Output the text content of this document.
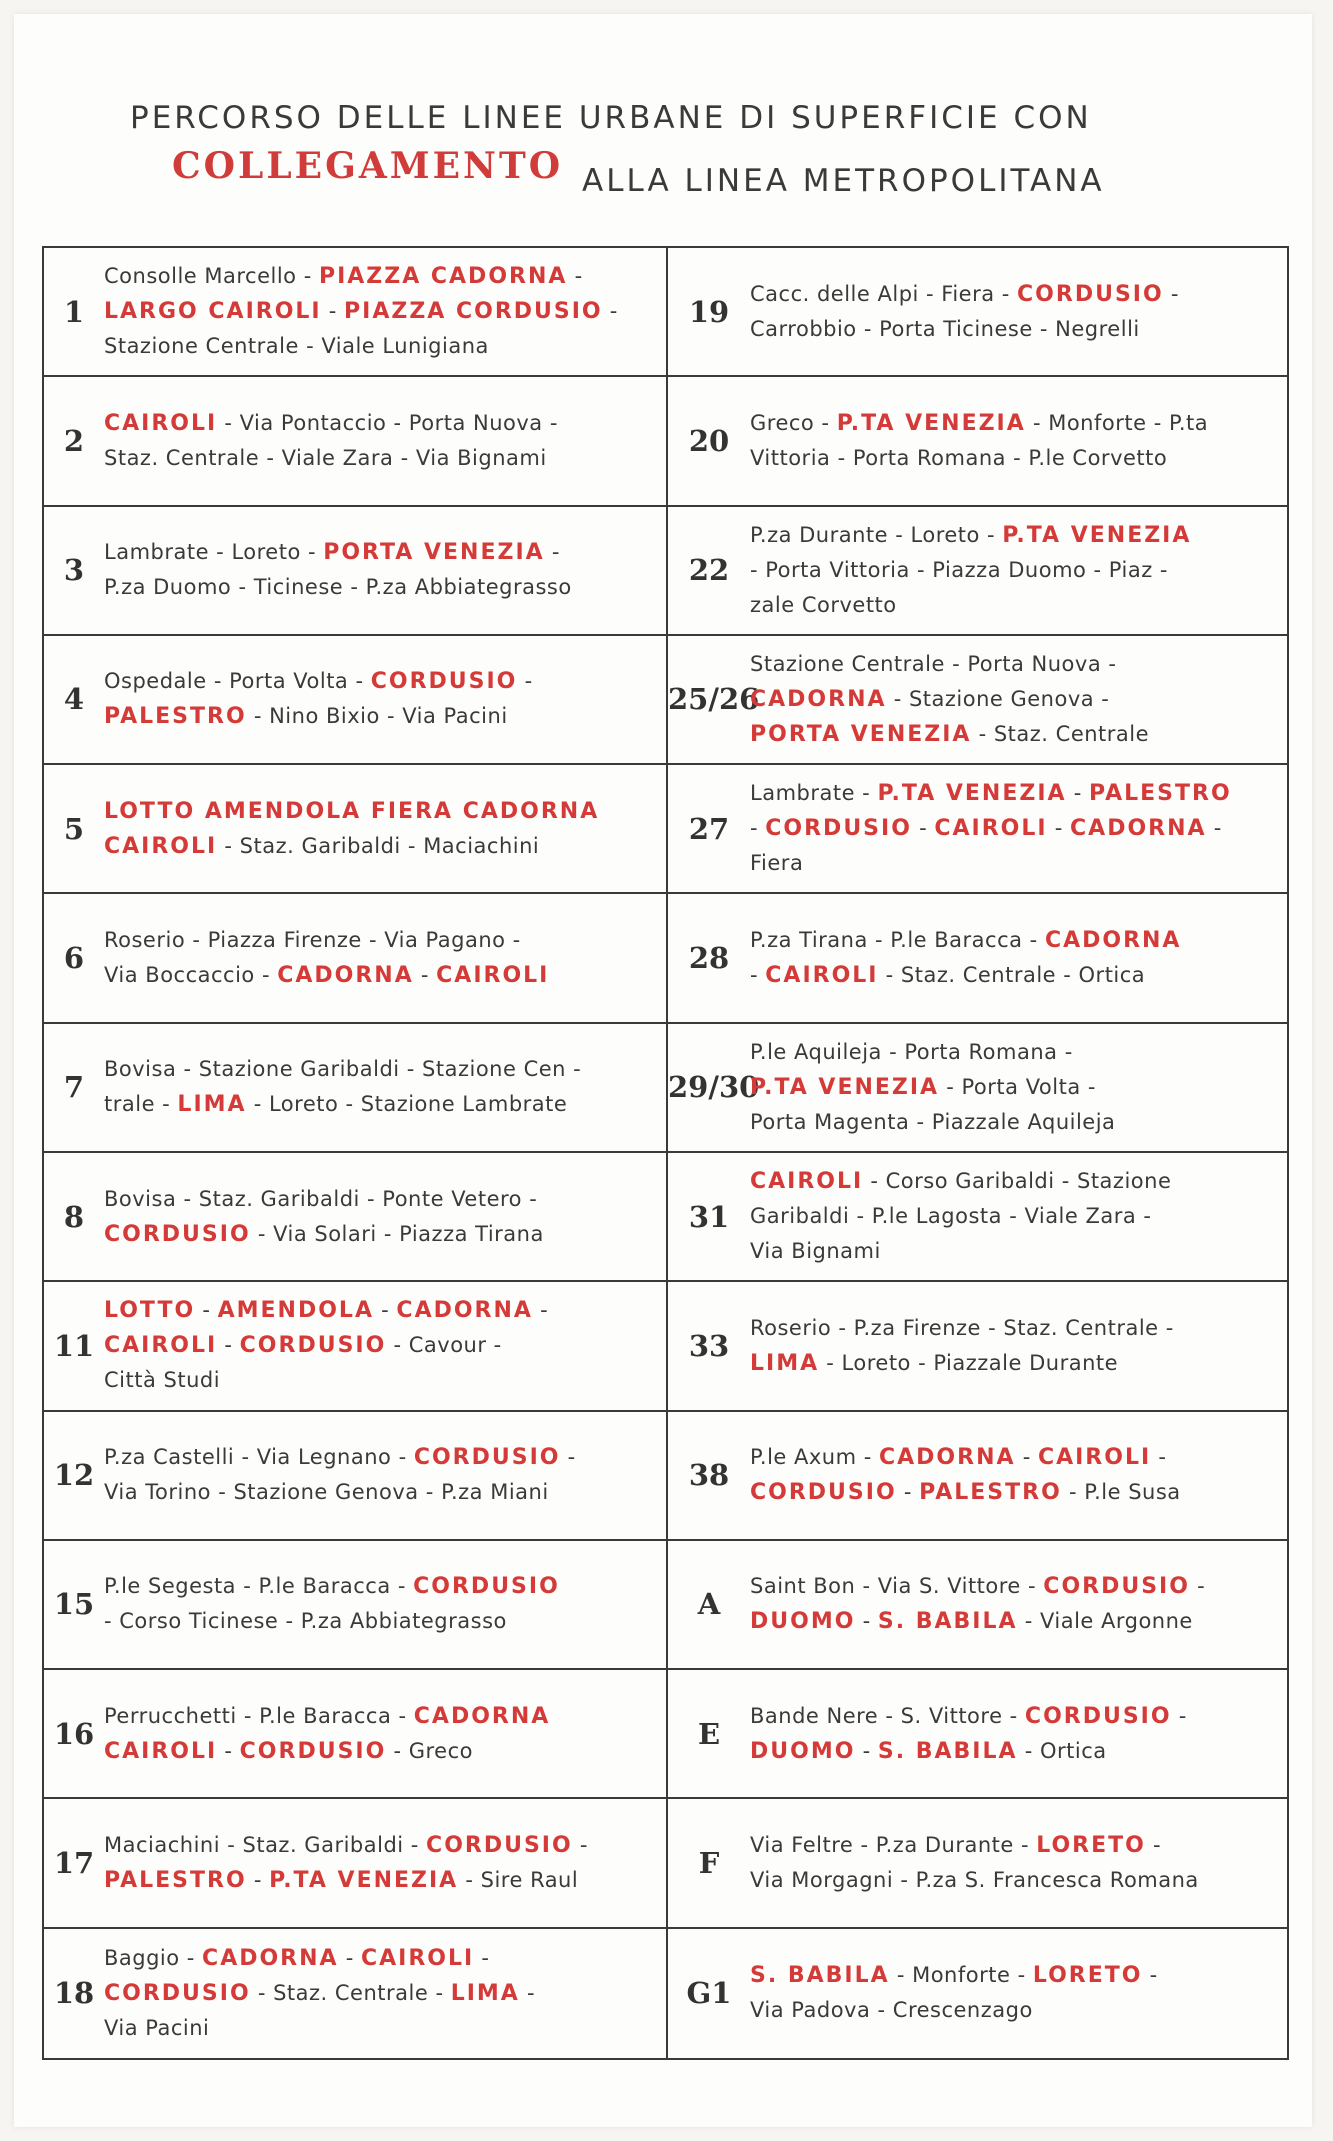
PERCORSO DELLE LINEE URBANE DI SUPERFICIE CON
COLLEGAMENTO ALLA LINEA METROPOLITANA
1
Consolle Marcello - PIAZZA CADORNA -
LARGO CAIROLI - PIAZZA CORDUSIO -
Stazione Centrale - Viale Lunigiana
2
CAIROLI - Via Pontaccio - Porta Nuova -
Staz. Centrale - Viale Zara - Via Bignami
3
Lambrate - Loreto - PORTA VENEZIA -
P.za Duomo - Ticinese - P.za Abbiategrasso
4
Ospedale - Porta Volta - CORDUSIO -
PALESTRO - Nino Bixio - Via Pacini
5
LOTTO AMENDOLA FIERA CADORNA
CAIROLI - Staz. Garibaldi - Maciachini
6
Roserio - Piazza Firenze - Via Pagano -
Via Boccaccio - CADORNA - CAIROLI
7
Bovisa - Stazione Garibaldi - Stazione Cen -
trale - LIMA - Loreto - Stazione Lambrate
8
Bovisa - Staz. Garibaldi - Ponte Vetero -
CORDUSIO - Via Solari - Piazza Tirana
11
LOTTO - AMENDOLA - CADORNA -
CAIROLI - CORDUSIO - Cavour -
Città Studi
12
P.za Castelli - Via Legnano - CORDUSIO -
Via Torino - Stazione Genova - P.za Miani
15
P.le Segesta - P.le Baracca - CORDUSIO
- Corso Ticinese - P.za Abbiategrasso
16
Perrucchetti - P.le Baracca - CADORNA
CAIROLI - CORDUSIO - Greco
17
Maciachini - Staz. Garibaldi - CORDUSIO -
PALESTRO - P.TA VENEZIA - Sire Raul
18
Baggio - CADORNA - CAIROLI -
CORDUSIO - Staz. Centrale - LIMA -
Via Pacini
19
Cacc. delle Alpi - Fiera - CORDUSIO -
Carrobbio - Porta Ticinese - Negrelli
20
Greco - P.TA VENEZIA - Monforte - P.ta
Vittoria - Porta Romana - P.le Corvetto
22
P.za Durante - Loreto - P.TA VENEZIA
- Porta Vittoria - Piazza Duomo - Piaz -
zale Corvetto
25/26
Stazione Centrale - Porta Nuova -
CADORNA - Stazione Genova -
PORTA VENEZIA - Staz. Centrale
27
Lambrate - P.TA VENEZIA - PALESTRO
- CORDUSIO - CAIROLI - CADORNA -
Fiera
28
P.za Tirana - P.le Baracca - CADORNA
- CAIROLI - Staz. Centrale - Ortica
29/30
P.le Aquileja - Porta Romana -
P.TA VENEZIA - Porta Volta -
Porta Magenta - Piazzale Aquileja
31
CAIROLI - Corso Garibaldi - Stazione
Garibaldi - P.le Lagosta - Viale Zara -
Via Bignami
33
Roserio - P.za Firenze - Staz. Centrale -
LIMA - Loreto - Piazzale Durante
38
P.le Axum - CADORNA - CAIROLI -
CORDUSIO - PALESTRO - P.le Susa
A
Saint Bon - Via S. Vittore - CORDUSIO -
DUOMO - S. BABILA - Viale Argonne
E
Bande Nere - S. Vittore - CORDUSIO -
DUOMO - S. BABILA - Ortica
F
Via Feltre - P.za Durante - LORETO -
Via Morgagni - P.za S. Francesca Romana
G1
S. BABILA - Monforte - LORETO -
Via Padova - Crescenzago
